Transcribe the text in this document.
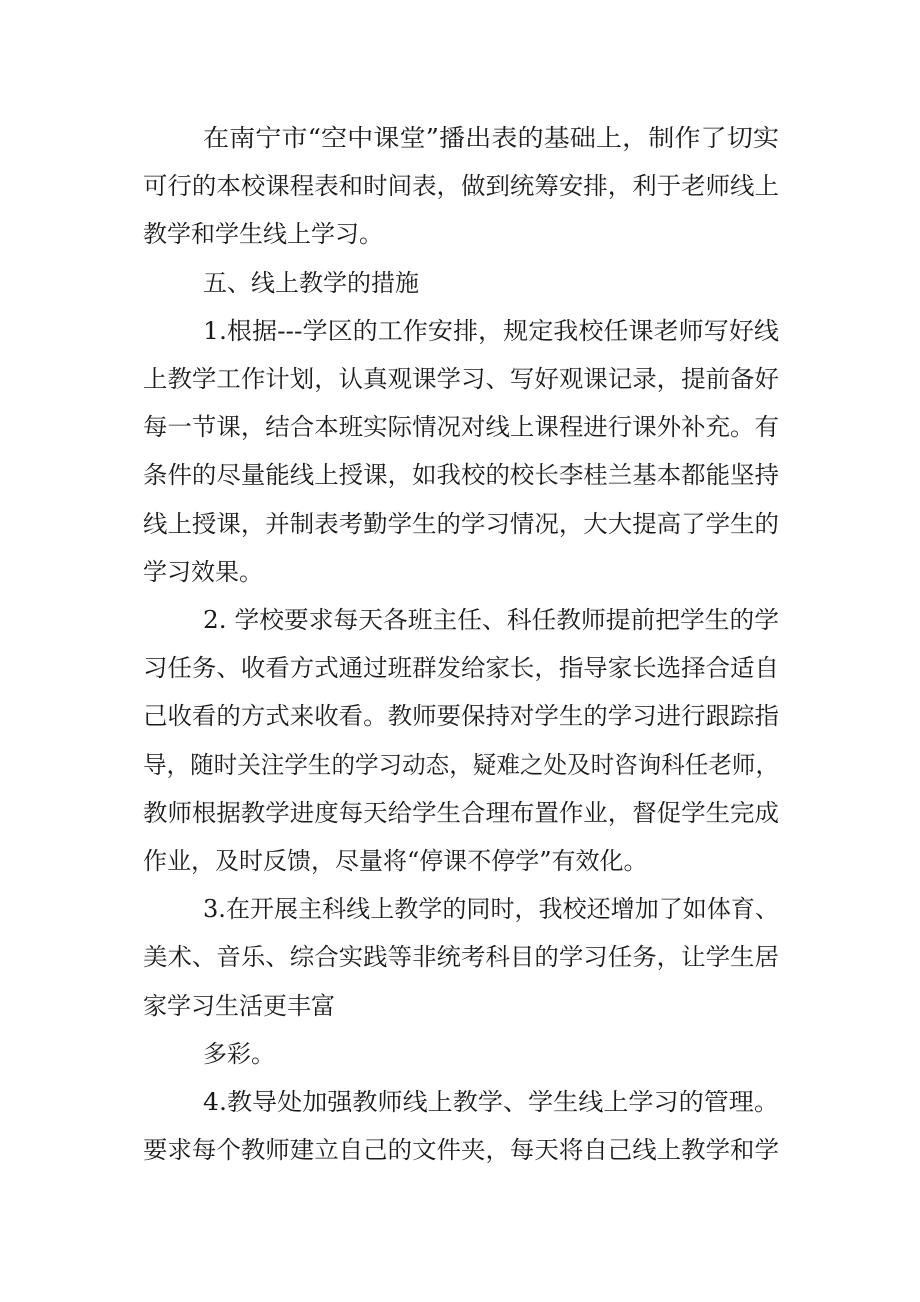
在南宁市“空中课堂”播出表的基础上，制作了切实
可行的本校课程表和时间表，做到统筹安排，利于老师线上
教学和学生线上学习。
五、线上教学的措施
1.根据---学区的工作安排，规定我校任课老师写好线
上教学工作计划，认真观课学习、写好观课记录，提前备好
每一节课，结合本班实际情况对线上课程进行课外补充。有
条件的尽量能线上授课，如我校的校长李桂兰基本都能坚持
线上授课，并制表考勤学生的学习情况，大大提高了学生的
学习效果。
2. 学校要求每天各班主任、科任教师提前把学生的学
习任务、收看方式通过班群发给家长，指导家长选择合适自
己收看的方式来收看。教师要保持对学生的学习进行跟踪指
导，随时关注学生的学习动态，疑难之处及时咨询科任老师，
教师根据教学进度每天给学生合理布置作业，督促学生完成
作业，及时反馈，尽量将“停课不停学”有效化。
3.在开展主科线上教学的同时，我校还增加了如体育、
美术、音乐、综合实践等非统考科目的学习任务，让学生居
家学习生活更丰富
多彩。
4.教导处加强教师线上教学、学生线上学习的管理。
要求每个教师建立自己的文件夹，每天将自己线上教学和学
